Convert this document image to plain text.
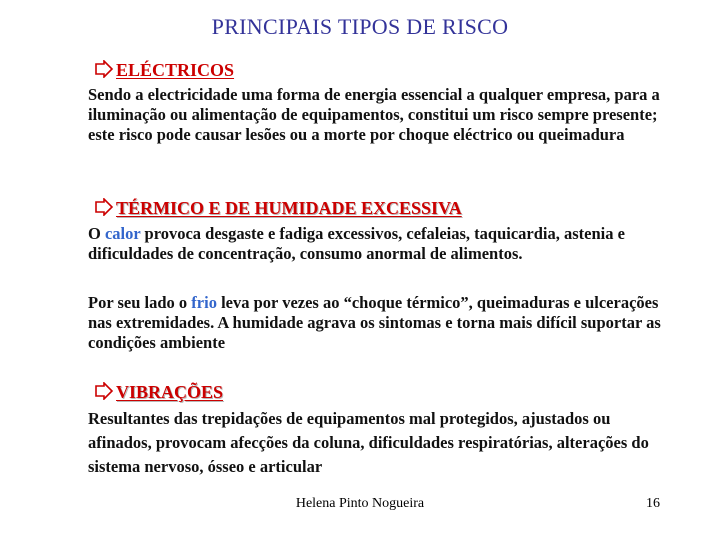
PRINCIPAIS TIPOS DE RISCO
ELÉCTRICOS
Sendo a electricidade uma forma de energia essencial a qualquer empresa, para a iluminação ou alimentação de equipamentos, constitui um risco sempre presente; este risco pode causar lesões ou a morte por choque eléctrico ou queimadura
TÉRMICO E DE HUMIDADE EXCESSIVA
O calor provoca desgaste e fadiga excessivos, cefaleias, taquicardia, astenia e dificuldades de concentração, consumo anormal de alimentos.
Por seu lado o frio leva por vezes ao “choque térmico”, queimaduras e ulcerações nas extremidades. A humidade agrava os sintomas e torna mais difícil suportar as condições ambiente
VIBRAÇÕES
Resultantes das trepidações de equipamentos mal protegidos, ajustados ou afinados, provocam afecções da coluna, dificuldades respiratórias, alterações do sistema nervoso, ósseo e articular
Helena Pinto Nogueira	16
